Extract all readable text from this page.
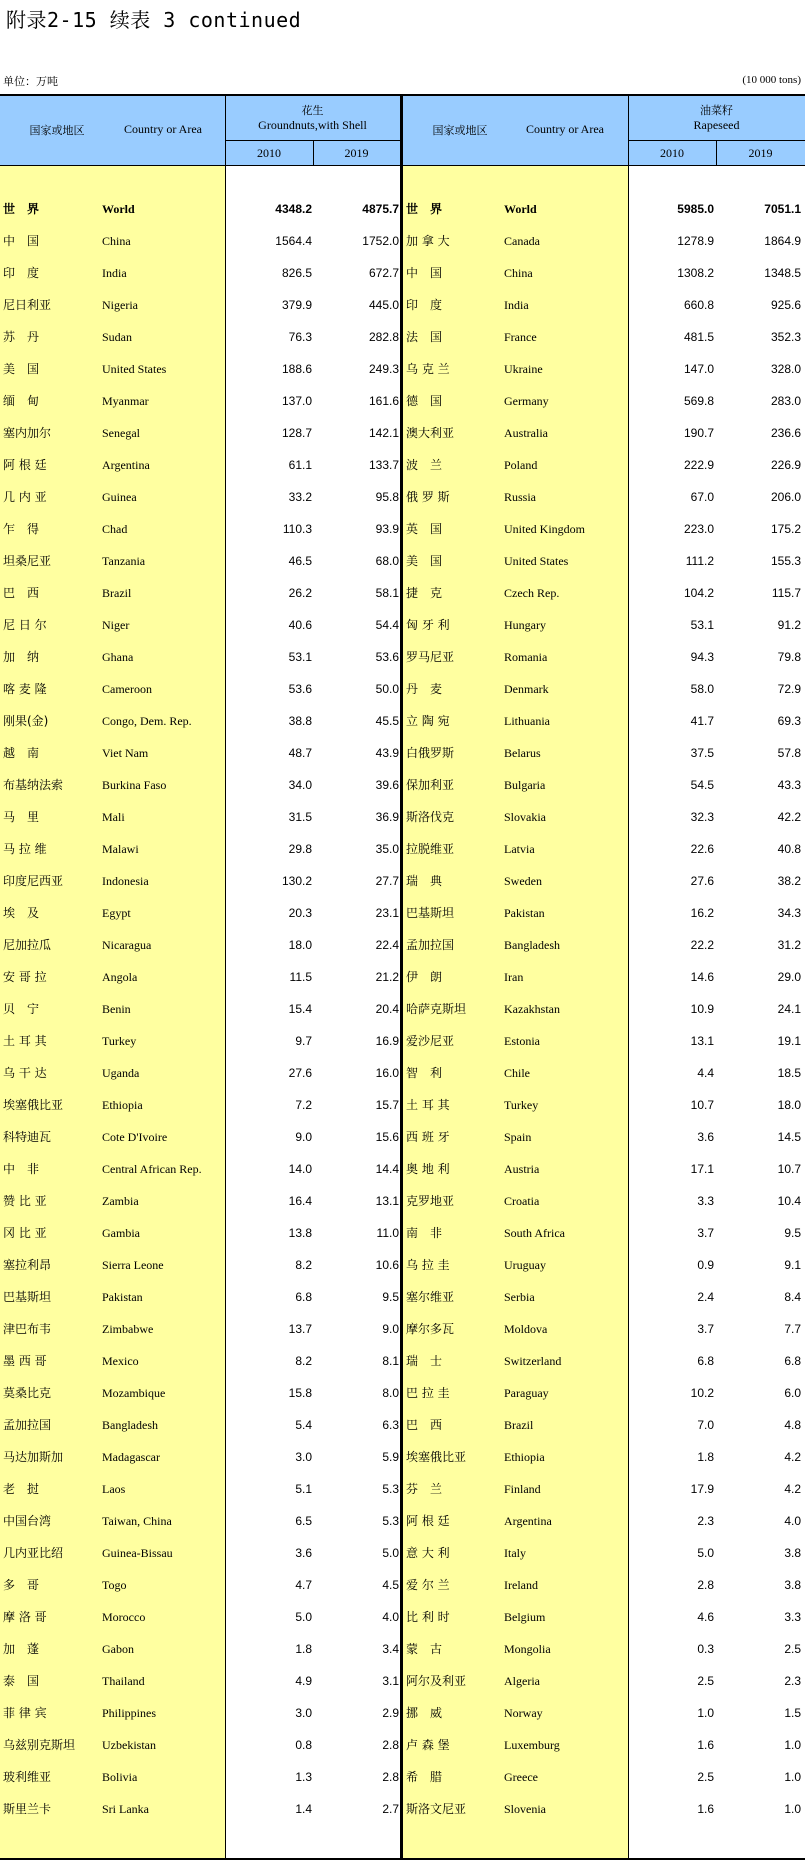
附录2-15 续表 3 continued
单位：万吨	(10 000 tons)
国家或地区	Country or Area
花生
Groundnuts,with Shell
2010	2019
国家或地区	Country or Area
油菜籽
Rapeseed
2010	2019
世　界	World	4348.2	4875.7 世　界	World	5985.0	7051.1
中　国	China	1564.4	1752.0 加 拿 大	Canada	1278.9	1864.9
印　度	India	826.5	672.7 中　国	China	1308.2	1348.5
尼日利亚	Nigeria	379.9	445.0 印　度	India	660.8	925.6
苏　丹	Sudan	76.3	282.8 法　国	France	481.5	352.3
美　国	United States	188.6	249.3 乌 克 兰	Ukraine	147.0	328.0
缅　甸	Myanmar	137.0	161.6 德　国	Germany	569.8	283.0
塞内加尔	Senegal	128.7	142.1 澳大利亚	Australia	190.7	236.6
阿 根 廷	Argentina	61.1	133.7 波　兰	Poland	222.9	226.9
几 内 亚	Guinea	33.2	95.8 俄 罗 斯	Russia	67.0	206.0
乍　得	Chad	110.3	93.9 英　国	United Kingdom	223.0	175.2
坦桑尼亚	Tanzania	46.5	68.0 美　国	United States	111.2	155.3
巴　西	Brazil	26.2	58.1 捷　克	Czech Rep.	104.2	115.7
尼 日 尔	Niger	40.6	54.4 匈 牙 利	Hungary	53.1	91.2
加　纳	Ghana	53.1	53.6 罗马尼亚	Romania	94.3	79.8
喀 麦 隆	Cameroon	53.6	50.0 丹　麦	Denmark	58.0	72.9
刚果(金)	Congo, Dem. Rep.	38.8	45.5 立 陶 宛	Lithuania	41.7	69.3
越　南	Viet Nam	48.7	43.9 白俄罗斯	Belarus	37.5	57.8
布基纳法索	Burkina Faso	34.0	39.6 保加利亚	Bulgaria	54.5	43.3
马　里	Mali	31.5	36.9 斯洛伐克	Slovakia	32.3	42.2
马 拉 维	Malawi	29.8	35.0 拉脱维亚	Latvia	22.6	40.8
印度尼西亚	Indonesia	130.2	27.7 瑞　典	Sweden	27.6	38.2
埃　及	Egypt	20.3	23.1 巴基斯坦	Pakistan	16.2	34.3
尼加拉瓜	Nicaragua	18.0	22.4 孟加拉国	Bangladesh	22.2	31.2
安 哥 拉	Angola	11.5	21.2 伊　朗	Iran	14.6	29.0
贝　宁	Benin	15.4	20.4 哈萨克斯坦	Kazakhstan	10.9	24.1
土 耳 其	Turkey	9.7	16.9 爱沙尼亚	Estonia	13.1	19.1
乌 干 达	Uganda	27.6	16.0 智　利	Chile	4.4	18.5
埃塞俄比亚	Ethiopia	7.2	15.7 土 耳 其	Turkey	10.7	18.0
科特迪瓦	Cote D'Ivoire	9.0	15.6 西 班 牙	Spain	3.6	14.5
中　非	Central African Rep.	14.0	14.4 奥 地 利	Austria	17.1	10.7
赞 比 亚	Zambia	16.4	13.1 克罗地亚	Croatia	3.3	10.4
冈 比 亚	Gambia	13.8	11.0 南　非	South Africa	3.7	9.5
塞拉利昂	Sierra Leone	8.2	10.6 乌 拉 圭	Uruguay	0.9	9.1
巴基斯坦	Pakistan	6.8	9.5 塞尔维亚	Serbia	2.4	8.4
津巴布韦	Zimbabwe	13.7	9.0 摩尔多瓦	Moldova	3.7	7.7
墨 西 哥	Mexico	8.2	8.1 瑞　士	Switzerland	6.8	6.8
莫桑比克	Mozambique	15.8	8.0 巴 拉 圭	Paraguay	10.2	6.0
孟加拉国	Bangladesh	5.4	6.3 巴　西	Brazil	7.0	4.8
马达加斯加	Madagascar	3.0	5.9 埃塞俄比亚	Ethiopia	1.8	4.2
老　挝	Laos	5.1	5.3 芬　兰	Finland	17.9	4.2
中国台湾	Taiwan, China	6.5	5.3 阿 根 廷	Argentina	2.3	4.0
几内亚比绍	Guinea-Bissau	3.6	5.0 意 大 利	Italy	5.0	3.8
多　哥	Togo	4.7	4.5 爱 尔 兰	Ireland	2.8	3.8
摩 洛 哥	Morocco	5.0	4.0 比 利 时	Belgium	4.6	3.3
加　蓬	Gabon	1.8	3.4 蒙　古	Mongolia	0.3	2.5
泰　国	Thailand	4.9	3.1 阿尔及利亚	Algeria	2.5	2.3
菲 律 宾	Philippines	3.0	2.9 挪　威	Norway	1.0	1.5
乌兹别克斯坦 Uzbekistan	0.8	2.8 卢 森 堡	Luxemburg	1.6	1.0
玻利维亚	Bolivia	1.3	2.8 希　腊	Greece	2.5	1.0
斯里兰卡	Sri Lanka	1.4	2.7 斯洛文尼亚	Slovenia	1.6	1.0
